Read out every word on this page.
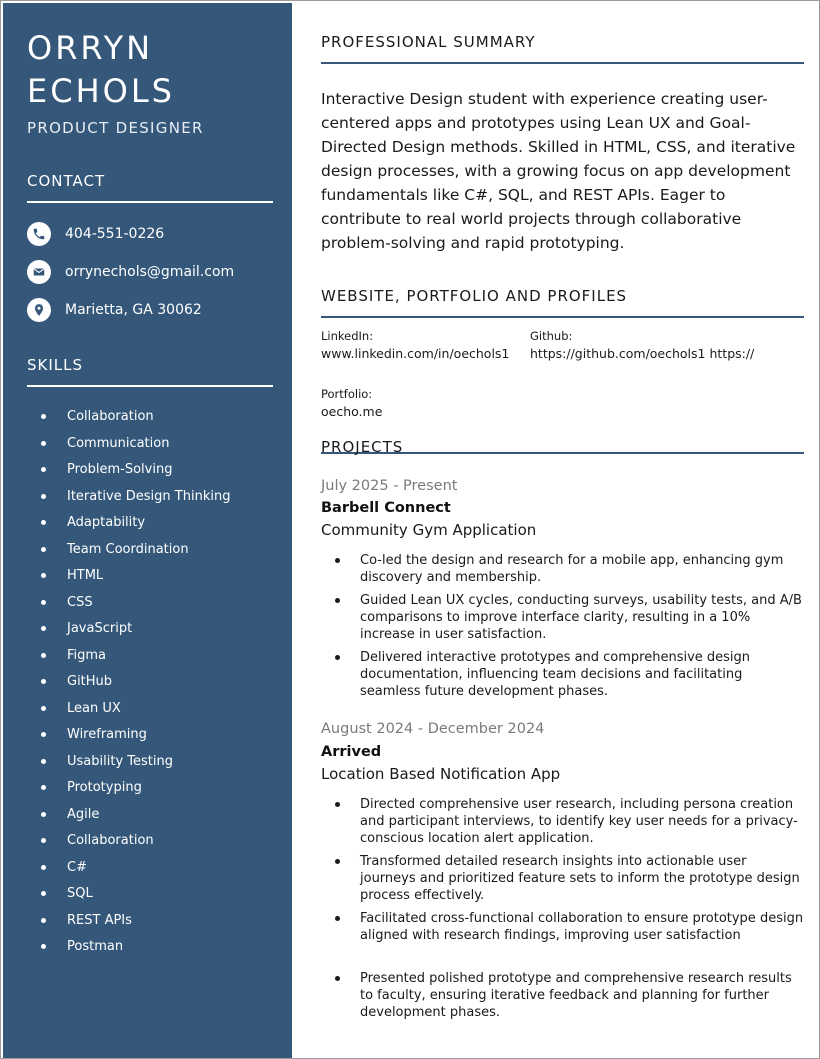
ORRYN
ECHOLS
PRODUCT DESIGNER
CONTACT
404-551-0226
orrynechols@gmail.com
Marietta, GA 30062
SKILLS
Collaboration
Communication
Problem-Solving
Iterative Design Thinking
Adaptability
Team Coordination
HTML
CSS
JavaScript
Figma
GitHub
Lean UX
Wireframing
Usability Testing
Prototyping
Agile
Collaboration
C#
SQL
REST APIs
Postman
PROFESSIONAL SUMMARY

Interactive Design student with experience creating user-centered apps and prototypes using Lean UX and Goal-Directed Design methods. Skilled in HTML, CSS, and iterative design processes, with a growing focus on app development fundamentals like C#, SQL, and REST APIs. Eager to contribute to real world projects through collaborative problem-solving and rapid prototyping.

WEBSITE, PORTFOLIO AND PROFILES
LinkedIn:
www.linkedin.com/in/oechols1
Github:
https://github.com/oechols1 https://
Portfolio:
oecho.me
PROJECTS
July 2025 - Present
Barbell Connect
Community Gym Application
Co-led the design and research for a mobile app, enhancing gym discovery and membership.
Guided Lean UX cycles, conducting surveys, usability tests, and A/B comparisons to improve interface clarity, resulting in a 10% increase in user satisfaction.
Delivered interactive prototypes and comprehensive design documentation, influencing team decisions and facilitating seamless future development phases.
August 2024 - December 2024
Arrived
Location Based Notification App
Directed comprehensive user research, including persona creation and participant interviews, to identify key user needs for a privacy-conscious location alert application.
Transformed detailed research insights into actionable user journeys and prioritized feature sets to inform the prototype design process effectively.
Facilitated cross-functional collaboration to ensure prototype design aligned with research findings, improving user satisfaction
Presented polished prototype and comprehensive research results to faculty, ensuring iterative feedback and planning for further development phases.
